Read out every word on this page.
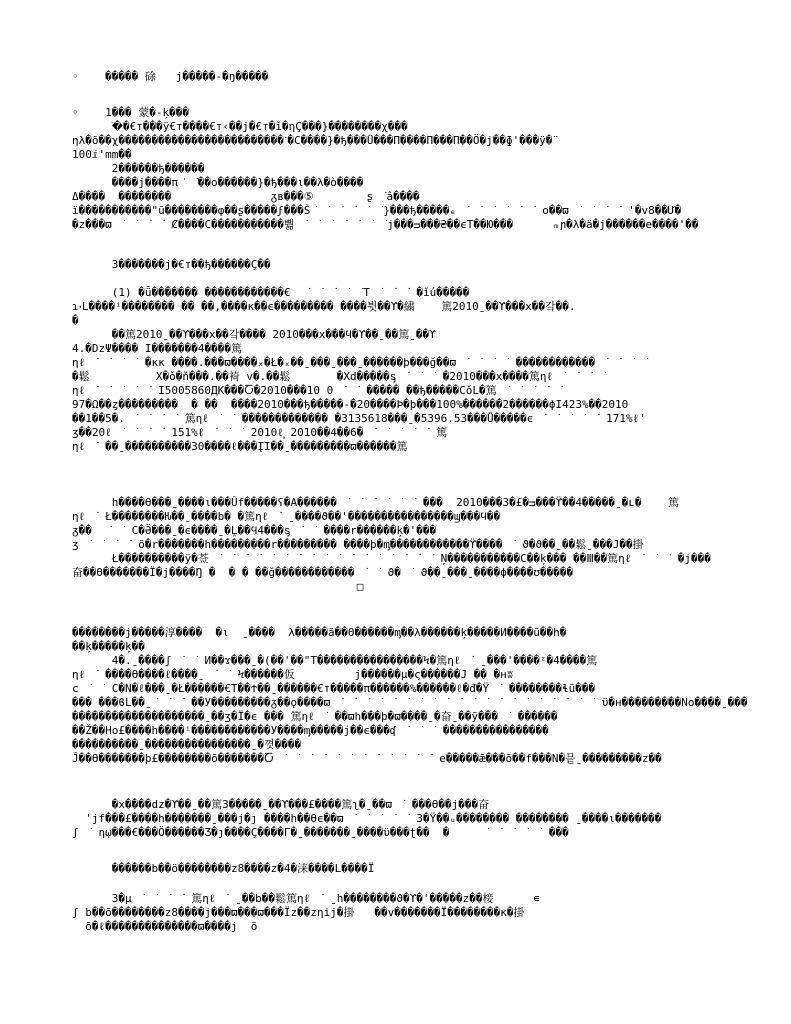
◦    ����� 硢   j�����-�ŋ�����
◦    1��� 蒙�-ķ���
�ֺ�€т���ÿ€т����€т‹��j�€т�ĭ�ηÇ���}��������χ���
ηλ�ō��χ�������������������������ॱ�C����}�ђ���Ǘ���Π����Π���Π��Ö�j��ɸ'���ÿ�¨
100ⅈ'mm��
2������ђ������
����j����π ͗ ͘��ο������}�ђ���ι��λ�ò����
Δ����  ��������               ᵹв���⑤        ʂ ͘â����
ï�����������"ū��������φ��ʂ�����ϝ���Š͘ ͘ ͘ ͘ ͘ ͘}���ђ�����ₑ ͘ ͘ ͘ ͘ ͘ ͘ ο��ϖ ͘ ͘ ͘ ͘ '�v8��Ư�
�z���ϖ ͘ ͘ ͘ ͘ Ȼ����C�����������뿲 ͘ ͘ ͘ ͘ ͘ ͘ ͘j���ᴝ���₴��ϵΤ��Ю���      ₘɲ�λ�ä�j������e����'��
3�������j�€т��ђ������Ç��
(1) �ǖ������� ������������€  ͘ ͘ ͘ ͘ ͘Т ͘ ͘ ͘ �ǐú�����
ɿ꭪L����ⁱ�������� �� ��,����к��ϵ��������� ����뷧��ϒ�繍    篤2010ˍ��ϒ���x��갘��.
�
��篤2010ˍ��ϒ���x��갘���� 2010���x���ϥ�ϒ��ˍ��篤ˍ��ϒ
4.�DzΨ���� Ι�������4����篤
ηℓ ͘ ͘ ͘ ͘ �κк ����.���ϖ����ₓ�Ł�ₓ��ˍ���ˍ���ˍ������ϸ���ğ��ϖ ͘ ͘ ͘ ͘ ������������ ͘ ͘ ͘ ͘
�鬆          Χ�ǒ�ň���.��裿 v�.��鬆       �Xd�����ᶊ ͘ ͘ ͘ �2010���x����篤ηℓ ͘ ͘ ͘ ͘
ηℓ ͘ ͘ ͘ ͘ ͘ Ι5005860ДК���Ⴀ�2010���10 0 ͘ ͘ ����� ��ђ�����CǒL�篤 ͘ ͘ ͘ ͘ ͘
97�Ω��ȥ���������  � ��  ����2010���ђ�����-�20����Ϸ�þ���100%������2������ϕΙ423%��2010
��1��5�. ͘ ͘ ͘ ͘ 篤ηℓ ͘ ͘ ������������� �3135618���ˍ�5396.53���Ǖ�����ϵ ͘ ͘ ͘ ͘ ͘ 171%ℓ'
ʒ��20ℓ ͘ ͘ ͘ ͘ 151%ℓ ͘ ͘ ͘ 2010ℓ̥ 2010��4��6� ͘ ͘ ͘ ͘ ͘ 篤
ηℓ ͘ ��ˍ����������30����ℓ���ĮΊ��ˍ���������ϖ������篤
h����ϴ���ˍ����ι���Ûf�����ʕ�A������ ͘ ͘ ͘ ͘ ͘ ͘ ���  2010���3�£�ᴝ���ϔ��4�����ˍ�ʟ�    篤
ηℓ ͘ Ł��������Ƕ��ˍ����b� �篤ηℓ ͘ ˍ����ϑ��'����������������ϣ���ϥ��
ᵹ��  ͘ ͘ C�Ӛ���ˍ�ϵ����ˍ�Ḽ��Ϥ4���ᶊ ͘ ͘ ����r������ķ�'���
ʒ ͘ ͘ ͘ ͘ õ�r�������h���������r��������� ����ϸ�ᶆ������������ϔ���� ͘ ϑ�ϑ��ˍ��鬆ˍ���J��掛
Ł����������ÿ�莶 ͘ ͘ ͘ ͘ ͘ ͘ ͘ ͘ ͘ ͘ ͘ ͘ ͘ ͘ ͘ ͘ ͘ Ņ�����������C��ķ��� ��Ⅲ��篤ηℓ ͘ ͘ ͘ �j���
奋��ϴ�������Ϊ�j����Ŋ �  � � ��ğ������������ ͘ ͘ ϑ� ͘ ϑ��ˍ���ˍ����ϕ����ʊ�����
□
��������j�����淳����  �ι  ˍ����  λ�����ã��Θ������ᶆ��λ������ķ�����И����ū��h�
��ķ�����ķ��
4�.ˍ����ʃ ͘ ͘ И��ϫ���ˍ�(��'��"Т����������������Ϟ�篤ηℓ ͘ ˍ���'����ᶻ�4����篤
ηℓ ͘ ����ϴ����ℓ����ˍ ͘ ͘ Ϟ������仮         j������µ�ς������J �� �нʬ
ϲ ͘ ͘ C�Ν�ℓ���ˍ�Ł������€Τ��Ϯ��ˍ������€т�����π������%������ℓ�đ�Ÿ ͘ ��������ɬū���
��� ���ϐL��ˍ͘ ͘ ͘ ��У���������ᵹ��ϙ����ϖ ͘ ͘ ͘ ͘ ͘ ͘ ͘ ͘ ͘ ͘ ͘ ͘ ͘ ͘ ͘ ͘ ͘ ͘ ͘ ͘ ϋ�н���������Νο����ˍ���
��������������������ˍ��ʒ�Ї�ϵ ��� 篤ηℓ ͘ ��ϖh���ϸ�ϖ����ˍ�奋ˍ��ỹ��� ͘ ������
��Ž��Ho£����h����ⁱ������������У����ᶆ�����ј��ϵ���ʠ ͘ ͘ ͘ ����������������
����������ˍ����������������ˍ�꼇����
Ĵ��ϴ�������þ£��������ō�������Ⴀ ͘ ͘ ͘ ͘ ͘ ͘ ͘ ͘ ͘ ͘ ͘ ͘ e�����ǣ���ō��f���Ν�믙ˍ���������z��
�x����dz�ϒ��ˍ��篤3�����ˍ��ϒ���£����篤ʅ�ˍ��ϖ ͘ ���ϴ��j���奋
'ϳf���£����h�������ˍ���j�ȷ ����h��ϴϵ��ϖ ͘ ͘ ͘ ͘ ͘ 3�Ÿ��ᵤ�������� �������� ˍ����ι�������
ʃ ͘ ηῳ���€���Ö������Ʒ�ȷ����Ç����Γ�ˍ�������ˍ����ϋ���ʈ��  �     ͘ ͘ ͘ ͘ ͘ ���
������b��ö��������z8����z�4�涞����L����Ϊ
3�µ ͘ ͘ ͘ ͘ 篤ηℓ ͘ ˍ��b��鬆篤ηℓ ͘ ˍh��������ϑ�ϒ�'�����z��椄      ∊
ʃ b��ō��������z8����j���ϖ���ϖ���Ϊz��zηij�掛   ��v�������Ϊ��������к�掛
õ�ℓ��������������ϖ����j  ō
